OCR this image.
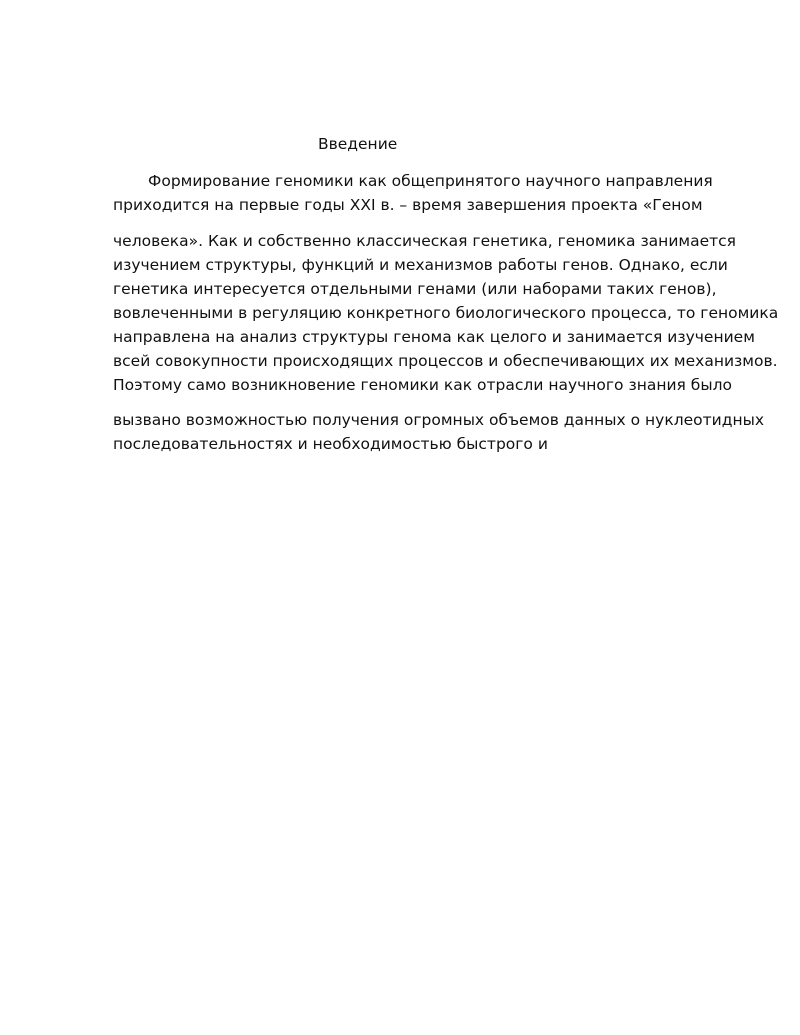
Введение
Формирование геномики как общепринятого научного направления
приходится на первые годы XXI в. – время завершения проекта «Геном
человека». Как и собственно классическая генетика, геномика занимается
изучением структуры, функций и механизмов работы генов. Однако, если
генетика интересуется отдельными генами (или наборами таких генов),
вовлеченными в регуляцию конкретного биологического процесса, то геномика
направлена на анализ структуры генома как целого и занимается изучением
всей совокупности происходящих процессов и обеспечивающих их механизмов.
Поэтому само возникновение геномики как отрасли научного знания было
вызвано возможностью получения огромных объемов данных о нуклеотидных
последовательностях и необходимостью быстрого и
